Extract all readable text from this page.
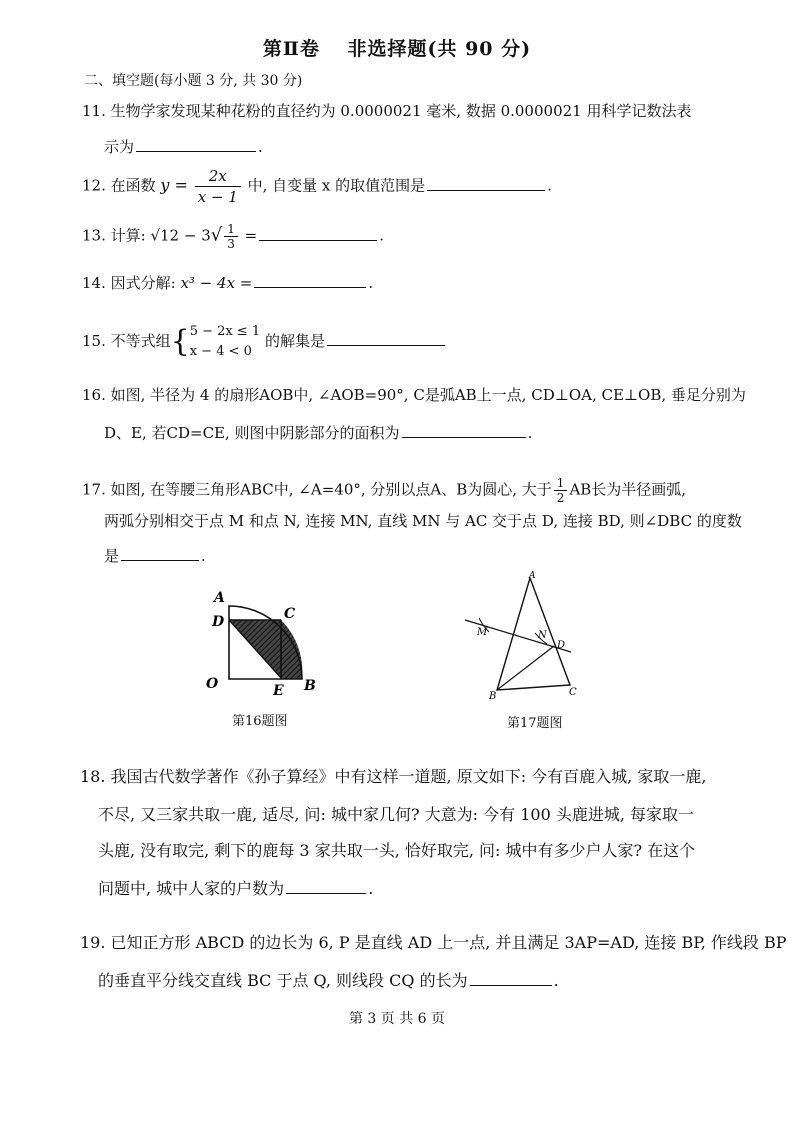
第Ⅱ卷　 非选择题(共 90 分)
二、填空题(每小题 3 分, 共 30 分)
11. 生物学家发现某种花粉的直径约为 0.0000021 毫米, 数据 0.0000021 用科学记数法表
示为	.
12. 在函数 $y = \frac{2x}{x - 1}$ 中, 自变量 x 的取值范围是	.
13. 计算: $√12 - 3√ \frac{1}{3}$ =	.
14. 因式分解: x³ − 4x =	.
15. 不等式组{ 5 − 2x ≤ 1
x − 4 < 0
的解集是
16. 如图, 半径为 4 的扇形AOB中, ∠AOB=90°, C是弧AB上一点, CD⊥OA, CE⊥OB, 垂足分别为
D、E, 若CD=CE, 则图中阴影部分的面积为	.
17. 如图, 在等腰三角形ABC中, ∠A=40°, 分别以点A、B为圆心, 大于 $\frac{1}{2}$ AB长为半径画弧,
两弧分别相交于点 M 和点 N, 连接 MN, 直线 MN 与 AC 交于点 D, 连接 BD, 则∠DBC 的度数
是	.
A
C
D
O	E B
第16题图
A
M	N
D
B	C
第17题图
18. 我国古代数学著作《孙子算经》中有这样一道题, 原文如下: 今有百鹿入城, 家取一鹿,
不尽, 又三家共取一鹿, 适尽, 问: 城中家几何? 大意为: 今有 100 头鹿进城, 每家取一
头鹿, 没有取完, 剩下的鹿每 3 家共取一头, 恰好取完, 问: 城中有多少户人家? 在这个
问题中, 城中人家的户数为	.
19. 已知正方形 ABCD 的边长为 6, P 是直线 AD 上一点, 并且满足 3AP=AD, 连接 BP, 作线段 BP
的垂直平分线交直线 BC 于点 Q, 则线段 CQ 的长为	.
第 3 页 共 6 页
